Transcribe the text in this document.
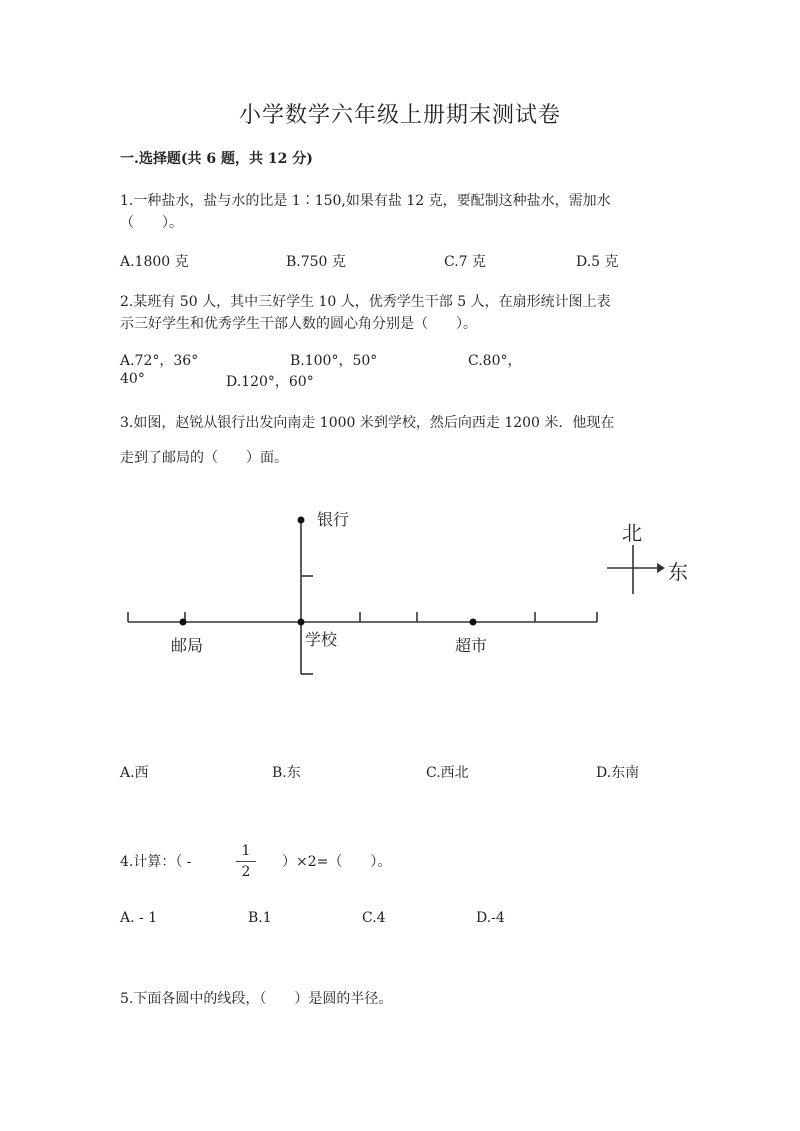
小学数学六年级上册期末测试卷
一.选择题(共 6 题，共 12 分)
1.一种盐水，盐与水的比是 1∶150,如果有盐 12 克，要配制这种盐水，需加水
（　　）。
A.1800 克	B.750 克	C.7 克	D.5 克
2.某班有 50 人，其中三好学生 10 人，优秀学生干部 5 人，在扇形统计图上表
示三好学生和优秀学生干部人数的圆心角分别是（　　）。
A.72°，36°	B.100°，50°	C.80°，
40°	D.120°，60°
3.如图，赵锐从银行出发向南走 1000 米到学校，然后向西走 1200 米．他现在
走到了邮局的（　　）面。
银行
学校
邮局	超市
北
东
A.西	B.东	C.西北	D.东南
4.计算：（ -
1
2
）×2=（　　）。
A. - 1	B.1	C.4	D.-4
5.下面各圆中的线段，（　　）是圆的半径。
